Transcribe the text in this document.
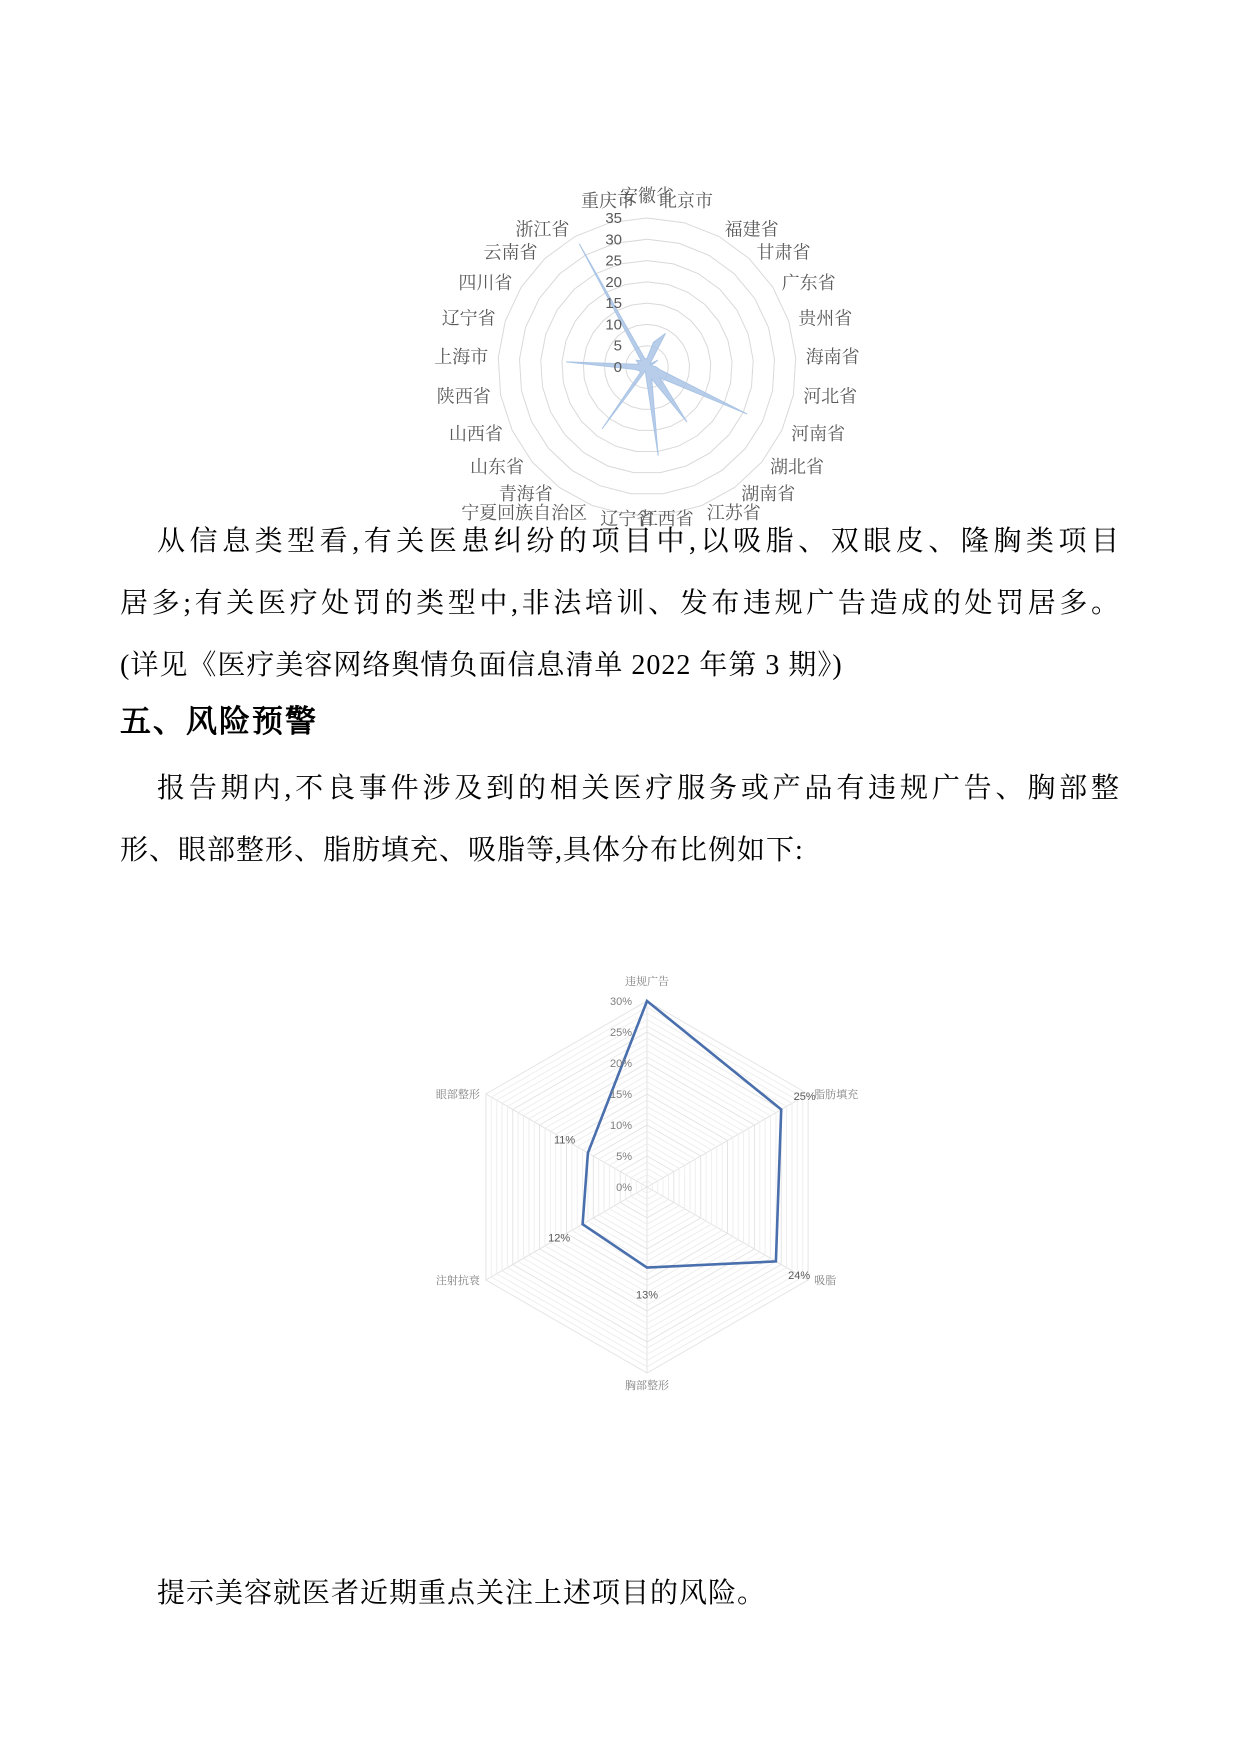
0
5
10
15
20
25
30
35
安徽省
北京市
福建省
甘肃省
广东省
贵州省
海南省
河北省
河南省
湖北省
湖南省
江苏省
江西省
辽宁省
宁夏回族自治区
青海省
山东省
山西省
陕西省
上海市
辽宁省
四川省
云南省
浙江省
重庆市
从信息类型看,有关医患纠纷的项目中,以吸脂、双眼皮、隆胸类项目
居多;有关医疗处罚的类型中,非法培训、发布违规广告造成的处罚居多。
(详见《医疗美容网络舆情负面信息清单 2022 年第 3 期》)
五、风险预警
报告期内,不良事件涉及到的相关医疗服务或产品有违规广告、胸部整
形、眼部整形、脂肪填充、吸脂等,具体分布比例如下:
30%
25%
20%
15%
10%
5%
0%
违规广告
脂肪填充
吸脂
胸部整形
注射抗衰
眼部整形	25%
24%
13%
12%
11%
提示美容就医者近期重点关注上述项目的风险。
